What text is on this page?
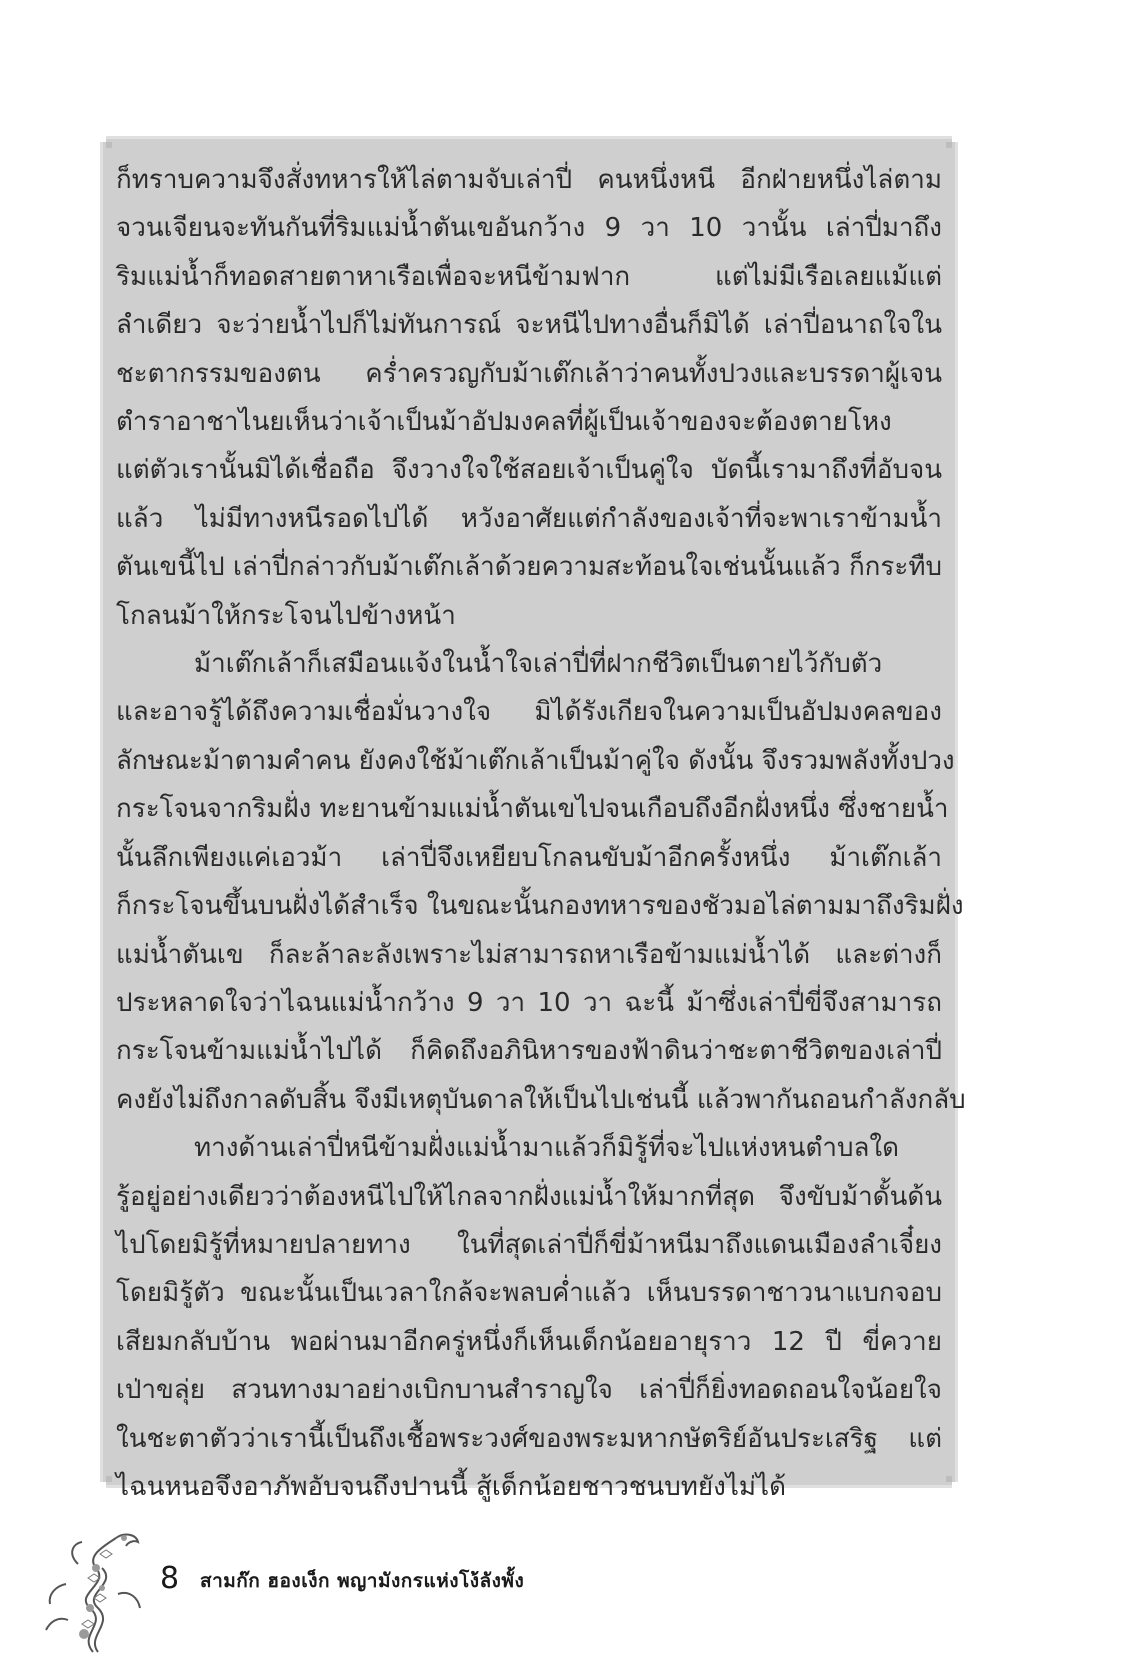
ก็ทราบความจึงสั่งทหารให้ไล่ตามจับเล่าปี่ คนหนึ่งหนี อีกฝ่ายหนึ่งไล่ตาม
จวนเจียนจะทันกันที่ริมแม่น้ำตันเขอันกว้าง 9 วา 10 วานั้น เล่าปี่มาถึง
ริมแม่น้ำก็ทอดสายตาหาเรือเพื่อจะหนีข้ามฟาก แต่ไม่มีเรือเลยแม้แต่
ลำเดียว จะว่ายน้ำไปก็ไม่ทันการณ์ จะหนีไปทางอื่นก็มิได้ เล่าปี่อนาถใจใน
ชะตากรรมของตน คร่ำครวญกับม้าเต๊กเล้าว่าคนทั้งปวงและบรรดาผู้เจน
ตำราอาชาไนยเห็นว่าเจ้าเป็นม้าอัปมงคลที่ผู้เป็นเจ้าของจะต้องตายโหง
แต่ตัวเรานั้นมิได้เชื่อถือ จึงวางใจใช้สอยเจ้าเป็นคู่ใจ บัดนี้เรามาถึงที่อับจน
แล้ว ไม่มีทางหนีรอดไปได้ หวังอาศัยแต่กำลังของเจ้าที่จะพาเราข้ามน้ำ
ตันเขนี้ไป เล่าปี่กล่าวกับม้าเต๊กเล้าด้วยความสะท้อนใจเช่นนั้นแล้ว ก็กระทืบ
โกลนม้าให้กระโจนไปข้างหน้า
ม้าเต๊กเล้าก็เสมือนแจ้งในน้ำใจเล่าปี่ที่ฝากชีวิตเป็นตายไว้กับตัว
และอาจรู้ได้ถึงความเชื่อมั่นวางใจ มิได้รังเกียจในความเป็นอัปมงคลของ
ลักษณะม้าตามคำคน ยังคงใช้ม้าเต๊กเล้าเป็นม้าคู่ใจ ดังนั้น จึงรวมพลังทั้งปวง
กระโจนจากริมฝั่ง ทะยานข้ามแม่น้ำตันเขไปจนเกือบถึงอีกฝั่งหนึ่ง ซึ่งชายน้ำ
นั้นลึกเพียงแค่เอวม้า เล่าปี่จึงเหยียบโกลนขับม้าอีกครั้งหนึ่ง ม้าเต๊กเล้า
ก็กระโจนขึ้นบนฝั่งได้สำเร็จ ในขณะนั้นกองทหารของชัวมอไล่ตามมาถึงริมฝั่ง
แม่น้ำตันเข ก็ละล้าละลังเพราะไม่สามารถหาเรือข้ามแม่น้ำได้ และต่างก็
ประหลาดใจว่าไฉนแม่น้ำกว้าง 9 วา 10 วา ฉะนี้ ม้าซึ่งเล่าปี่ขี่จึงสามารถ
กระโจนข้ามแม่น้ำไปได้ ก็คิดถึงอภินิหารของฟ้าดินว่าชะตาชีวิตของเล่าปี่
คงยังไม่ถึงกาลดับสิ้น จึงมีเหตุบันดาลให้เป็นไปเช่นนี้ แล้วพากันถอนกำลังกลับ
ทางด้านเล่าปี่หนีข้ามฝั่งแม่น้ำมาแล้วก็มิรู้ที่จะไปแห่งหนตำบลใด
รู้อยู่อย่างเดียวว่าต้องหนีไปให้ไกลจากฝั่งแม่น้ำให้มากที่สุด จึงขับม้าดั้นด้น
ไปโดยมิรู้ที่หมายปลายทาง ในที่สุดเล่าปี่ก็ขี่ม้าหนีมาถึงแดนเมืองลำเจี๋ยง
โดยมิรู้ตัว ขณะนั้นเป็นเวลาใกล้จะพลบค่ำแล้ว เห็นบรรดาชาวนาแบกจอบ
เสียมกลับบ้าน พอผ่านมาอีกครู่หนึ่งก็เห็นเด็กน้อยอายุราว 12 ปี ขี่ควาย
เป่าขลุ่ย สวนทางมาอย่างเบิกบานสำราญใจ เล่าปี่ก็ยิ่งทอดถอนใจน้อยใจ
ในชะตาตัวว่าเรานี้เป็นถึงเชื้อพระวงศ์ของพระมหากษัตริย์อันประเสริฐ แต่
ไฉนหนอจึงอาภัพอับจนถึงปานนี้ สู้เด็กน้อยชาวชนบทยังไม่ได้
8 สามก๊ก ฮองเง็ก พญามังกรแห่งโง้ลังพั้ง
